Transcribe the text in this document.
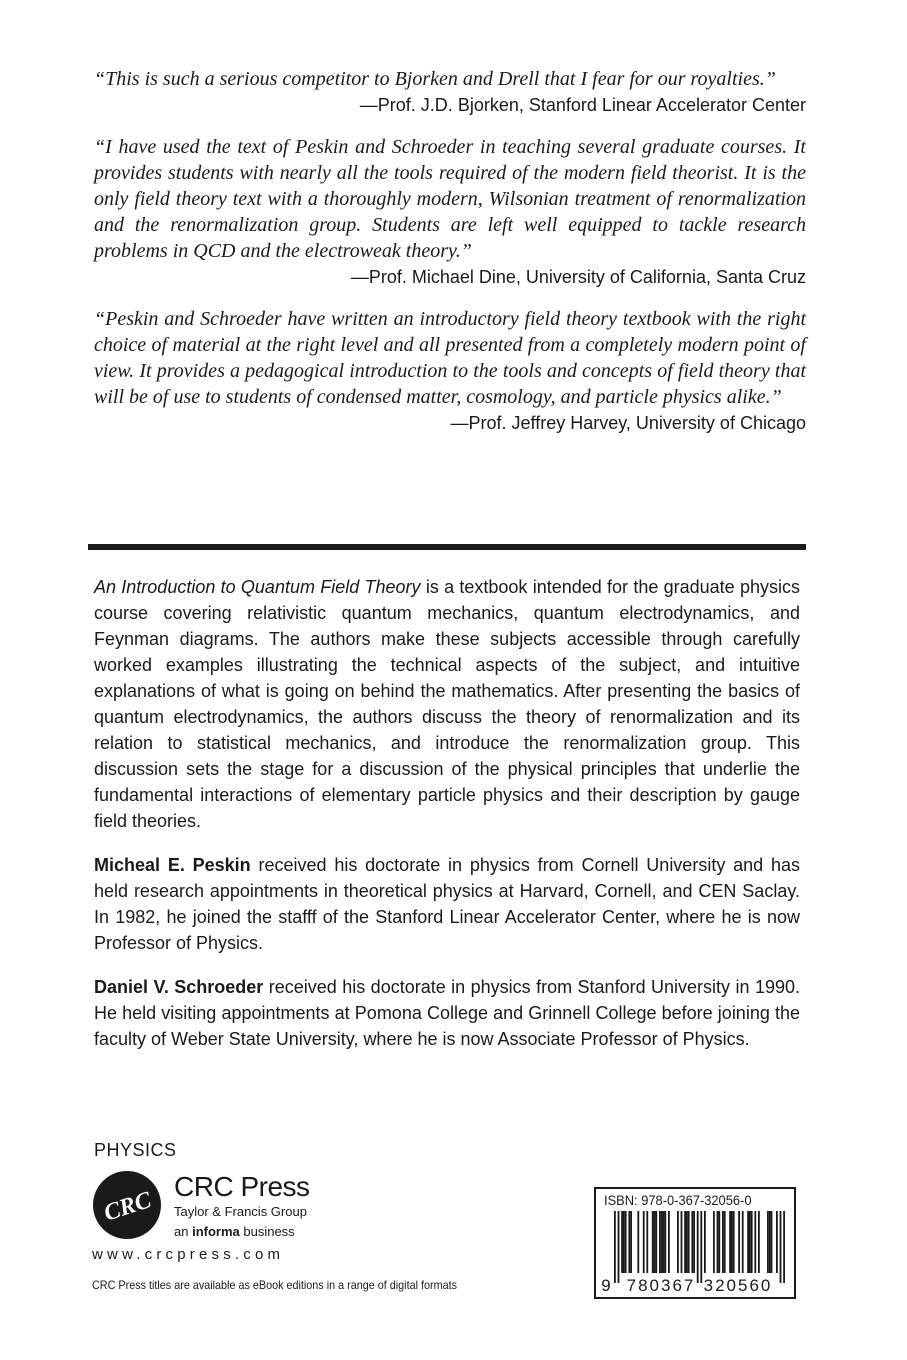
“This is such a serious competitor to Bjorken and Drell that I fear for our royalties.”

—Prof. J.D. Bjorken, Stanford Linear Accelerator Center

“I have used the text of Peskin and Schroeder in teaching several graduate courses. It provides students with nearly all the tools required of the modern field theorist. It is the only field theory text with a thoroughly modern, Wilsonian treatment of renormalization and the renormalization group. Students are left well equipped to tackle research problems in QCD and the electroweak theory.”

—Prof. Michael Dine, University of California, Santa Cruz

“Peskin and Schroeder have written an introductory field theory textbook with the right choice of material at the right level and all presented from a completely modern point of view. It provides a pedagogical introduction to the tools and concepts of field theory that will be of use to students of condensed matter, cosmology, and particle physics alike.”

—Prof. Jeffrey Harvey, University of Chicago

An Introduction to Quantum Field Theory is a textbook intended for the graduate physics course covering relativistic quantum mechanics, quantum electrodynamics, and Feynman diagrams. The authors make these subjects accessible through carefully worked examples illustrating the technical aspects of the subject, and intuitive explanations of what is going on behind the mathematics. After presenting the basics of quantum electrodynamics, the authors discuss the theory of renormalization and its relation to statistical mechanics, and introduce the renormalization group. This discussion sets the stage for a discussion of the physical principles that underlie the fundamental interactions of elementary particle physics and their description by gauge field theories.

Micheal E. Peskin received his doctorate in physics from Cornell University and has held research appointments in theoretical physics at Harvard, Cornell, and CEN Saclay. In 1982, he joined the stafff of the Stanford Linear Accelerator Center, where he is now Professor of Physics.

Daniel V. Schroeder received his doctorate in physics from Stanford University in 1990. He held visiting appointments at Pomona College and Grinnell College before joining the faculty of Weber State University, where he is now Associate Professor of Physics.

PHYSICS
CRC
CRC Press
Taylor & Francis Group
an informa business
www.crcpress.com
CRC Press titles are available as eBook editions in a range of digital formats
ISBN: 978-0-367-32056-0
9 780367 320560
